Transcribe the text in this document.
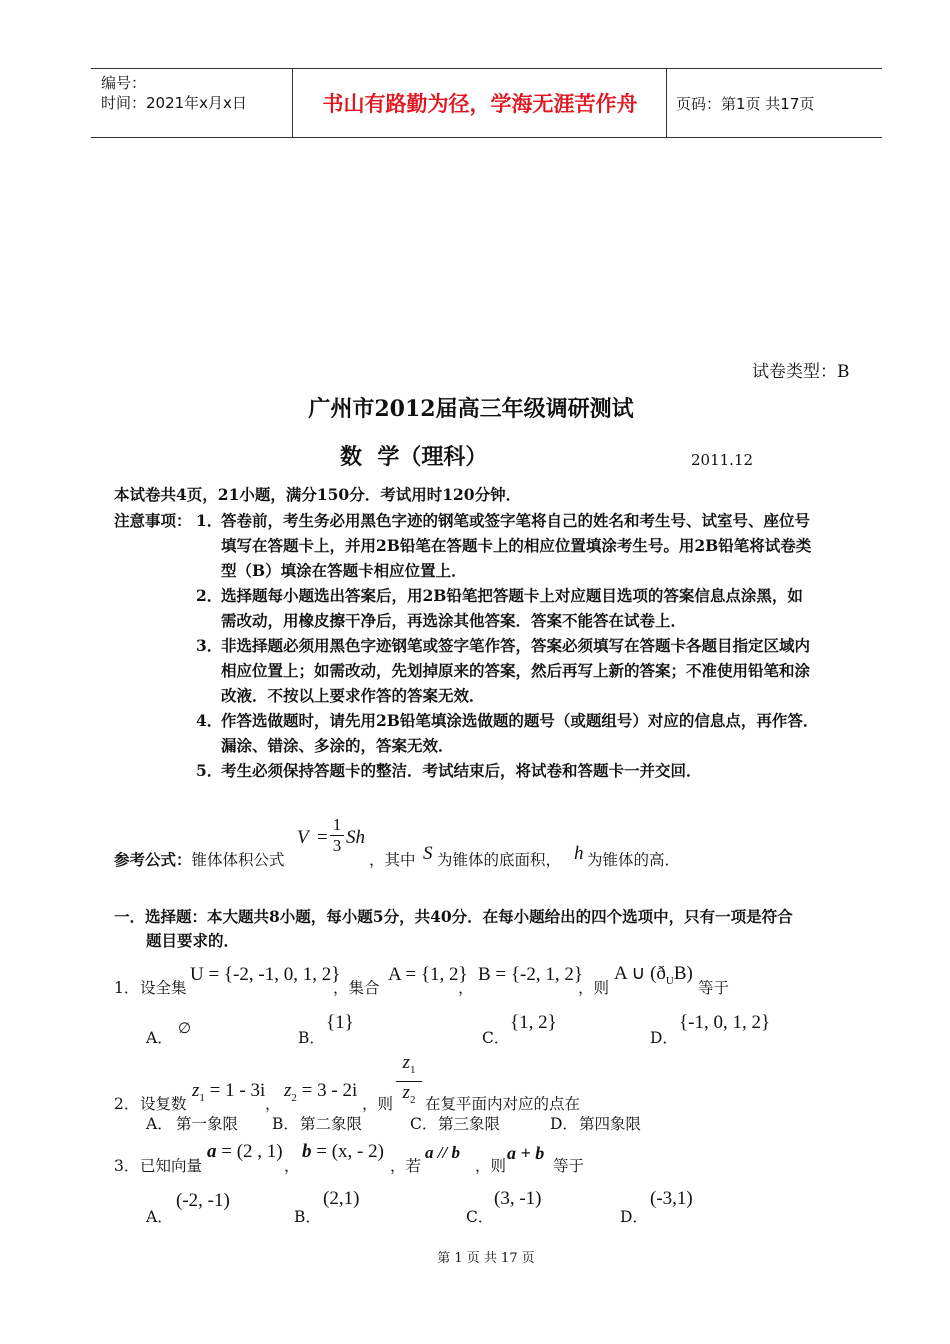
编号：
时间：2021年x月x日	书山有路勤为径，学海无涯苦作舟	页码：第1页 共17页
试卷类型：B
广州市2012届高三年级调研测试
数  学（理科）	2011.12
本试卷共4页，21小题，满分150分．考试用时120分钟．
注意事项： 1．
答卷前，考生务必用黑色字迹的钢笔或签字笔将自己的姓名和考生号、试室号、座位号
填写在答题卡上，并用2B铅笔在答题卡上的相应位置填涂考生号。用2B铅笔将试卷类
型（B）填涂在答题卡相应位置上．
2．
选择题每小题选出答案后，用2B铅笔把答题卡上对应题目选项的答案信息点涂黑，如
需改动，用橡皮擦干净后，再选涂其他答案．答案不能答在试卷上．
3．
非选择题必须用黑色字迹钢笔或签字笔作答，答案必须填写在答题卡各题目指定区域内
相应位置上；如需改动，先划掉原来的答案，然后再写上新的答案；不准使用铅笔和涂
改液．不按以上要求作答的答案无效．
4．
作答选做题时，请先用2B铅笔填涂选做题的题号（或题组号）对应的信息点，再作答．
漏涂、错涂、多涂的，答案无效．
5．
考生必须保持答题卡的整洁．考试结束后，将试卷和答题卡一并交回．
参考公式：锥体体积公式
V =
1
3 Sh
，其中 S 为锥体的底面积， h 为锥体的高．
一．选择题：本大题共8小题，每小题5分，共40分．在每小题给出的四个选项中，只有一项是符合
题目要求的．
1． 设全集
U = {-2, -1, 0, 1, 2}
，集合
A = {1, 2}
，
B = {-2, 1, 2}
，则
A ∪ $(ð_UB)$
等于
A． ∅	B．
{1}
C．
{1, 2}
D．
{-1, 0, 1, 2}
2． 设复数
$z_1 = 1 - 3i$
，
$z_2 = 3 - 2i$
，则
$z_1$
$z_2$ 在复平面内对应的点在
A． 第一象限 B． 第二象限	C． 第三象限	D． 第四象限
3． 已知向量
a = (2 , 1)
，
b = (x, - 2)
，若
a // b
，则
a + b
等于
A．
(-2, -1)
B．
(2,1)
C．
(3, -1)
D．
(-3,1)
第 1 页 共 17 页
